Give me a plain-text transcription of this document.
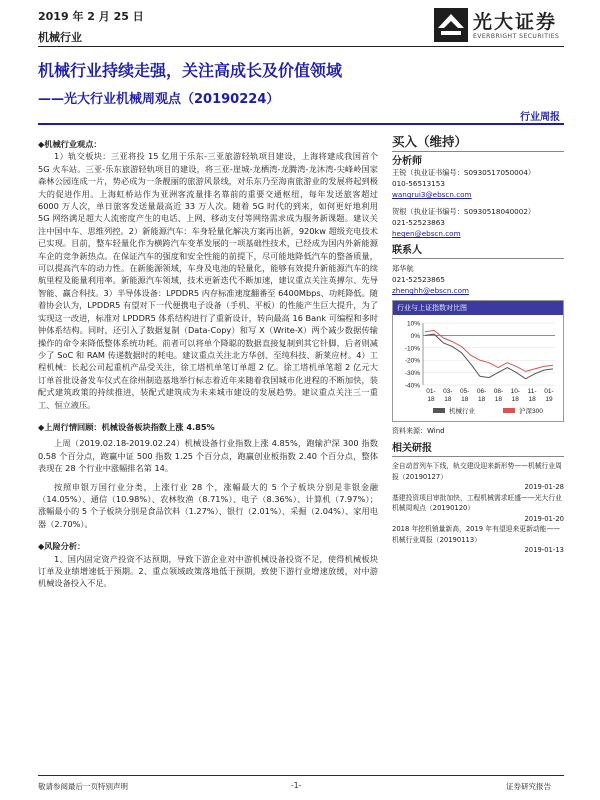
2019 年 2 月 25 日
机械行业
光大证券
EVERBRIGHT SECURITIES
机械行业持续走强，关注高成长及价值领域
——光大行业机械周观点（20190224）
行业周报

◆机械行业观点：

1）轨交板块：三亚将投 15 亿用于乐东-三亚旅游轻轨项目建设，上海将建成我国首个 5G 火车站。三亚-乐东旅游轻轨项目的建设，将三亚-崖城-龙栖湾-龙腾湾-龙沐湾-尖峰岭国家森林公园连成一片，势必成为一条靓丽的旅游风景线，对乐东乃至海南旅游业的发展将起到极大的促进作用。上海虹桥站作为亚洲客流量排名靠前的重要交通枢纽，每年发送旅客超过 6000 万人次，单日旅客发送量最高近 33 万人次。随着 5G 时代的到来，如何更好地利用 5G 网络满足超大人流密度产生的电话、上网、移动支付等网络需求成为服务新课题。建议关注中国中车、思维列控。2）新能源汽车：车身轻量化解决方案再出新，920kw 超级充电技术已实现。目前，整车轻量化作为横跨汽车变革发展的一项基础性技术，已经成为国内外新能源车企的竞争新热点。在保证汽车的强度和安全性能的前提下，尽可能地降低汽车的整备质量，可以提高汽车的动力性。在新能源领域，车身及电池的轻量化，能够有效提升新能源汽车的续航里程及能量利用率。新能源汽车领域，技术更新迭代不断加速，建议重点关注英搏尔、先导智能、赢合科技。3）半导体设备：LPDDR5 内存标准速度翻番至 6400Mbps、功耗降低。随着协会认为，LPDDR5 有望对下一代便携电子设备（手机、平板）的性能产生巨大提升，为了实现这一改进，标准对 LPDDR5 体系结构进行了重新设计，转向最高 16 Bank 可编程和多时钟体系结构。同时，还引入了数据复制（Data-Copy）和写 X（Write-X）两个减少数据传输操作的命令来降低整体系统功耗。前者可以将单个降聪的数据直接复制到其它针脚，后者则减少了 SoC 和 RAM 传递数据时的耗电。建议重点关注北方华创、至纯科技、新莱应材。4）工程机械：长起公司起重机产品受关注，徐工塔机单笔订单超 2 亿。徐工塔机单笔超 2 亿元大订单首批设备发车仪式在徐州制造基地举行标志着近年来随着我国城市化进程的不断加快，装配式建筑政策的持续推进，装配式建筑成为未来城市建设的发展趋势。建议重点关注三一重工、恒立液压。

◆上周行情回顾：机械设备板块指数上涨 4.85%

上周（2019.02.18-2019.02.24）机械设备行业指数上涨 4.85%，跑输沪深 300 指数 0.58 个百分点，跑赢中证 500 指数 1.25 个百分点，跑赢创业板指数 2.40 个百分点，整体表现在 28 个行业中涨幅排名第 14。

按照申银万国行业分类，上涨行业 28 个，涨幅最大的 5 个子板块分别是非银金融（14.05%）、通信（10.98%）、农林牧渔（8.71%）、电子（8.36%）、计算机（7.97%）；涨幅最小的 5 个子板块分别是食品饮料（1.27%）、银行（2.01%）、采掘（2.04%）、家用电器（2.70%）。

◆风险分析：

1、国内固定资产投资不达预期，导致下游企业对中游机械设备投资不足，使得机械板块订单及业绩增速低于预期。2、重点领域政策落地低于预期，致使下游行业增速放缓，对中游机械设备投入不足。

买入（维持）
分析师
王锐（执业证书编号：S0930517050004）
010-56513153
wangrui3@ebscn.com
贺根（执业证书编号：S0930518040002）
021-52523863
hegen@ebscn.com
联系人
郑华航
021-52523865
zhenghh@ebscn.com
行业与上证指数对比图
10%
0%
-10%
-20%
-30%
-40%
01-
18
03-
18
05-
18
06-
18
08-
18
10-
18
11-
18
01-
19
机械行业	沪深300
资料来源：Wind
相关研报
全自动首列车下线，轨交建设迎来新形势——机械行业周报（20190127）
2019-01-28
基建投资项目审批加快，工程机械需求旺盛——光大行业机械周观点（20190120）
2019-01-20
2018 年挖机销量新高，2019 年有望迎来更新动能——机械行业周报（20190113）
2019-01-13
敬请参阅最后一页特别声明	-1-	证券研究报告
